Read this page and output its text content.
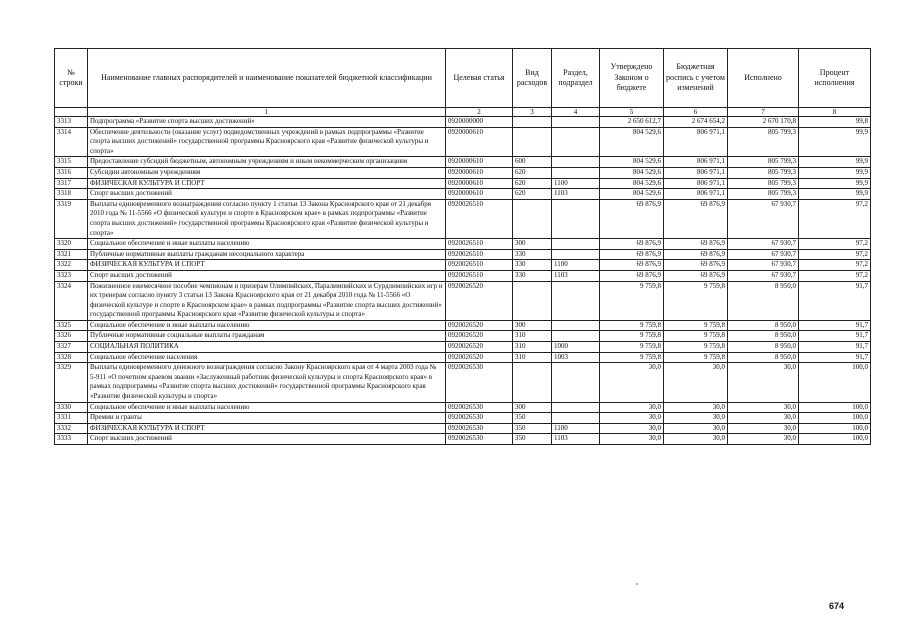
№
строки	Наименование главных распорядителей и наименование показателей бюджетной классификации	Целевая статья	Вид расходов	Раздел, подраздел	Утверждено Законом о бюджете	Бюджетная роспись с учетом изменений	Исполнено	Процент исполнения
	1	2	3	4	5	6	7	8
3313	Подпрограмма «Развитие спорта высших достижений»	0920000000			2 650 612,7	2 674 654,2	2 670 170,8	99,8
3314	Обеспечение деятельности (оказание услуг) подведомственных учреждений в рамках подпрограммы «Развитие спорта высших достижений» государственной программы Красноярского края «Развитие физической культуры и спорта»	0920000610			804 529,6	806 971,1	805 799,3	99,9
3315	Предоставление субсидий бюджетным, автономным учреждениям и иным некоммерческим организациям	0920000610	600		804 529,6	806 971,1	805 799,3	99,9
3316	Субсидии автономным учреждениям	0920000610	620		804 529,6	806 971,1	805 799,3	99,9
3317	ФИЗИЧЕСКАЯ КУЛЬТУРА И СПОРТ	0920000610	620	1100	804 529,6	806 971,1	805 799,3	99,9
3318	Спорт высших достижений	0920000610	620	1103	804 529,6	806 971,1	805 799,3	99,9
3319	Выплаты единовременного вознаграждения согласно пункту 1 статьи 13 Закона Красноярского края от 21 декабря 2010 года № 11-5566 «О физической культуре и спорте в Красноярском крае» в рамках подпрограммы «Развитие спорта высших достижений» государственной программы Красноярского края «Развитие физической культуры и спорта»	0920026510			69 876,9	69 876,9	67 930,7	97,2
3320	Социальное обеспечение и иные выплаты населению	0920026510	300		69 876,9	69 876,9	67 930,7	97,2
3321	Публичные нормативные выплаты гражданам несоциального характера	0920026510	330		69 876,9	69 876,9	67 930,7	97,2
3322	ФИЗИЧЕСКАЯ КУЛЬТУРА И СПОРТ	0920026510	330	1100	69 876,9	69 876,9	67 930,7	97,2
3323	Спорт высших достижений	0920026510	330	1103	69 876,9	69 876,9	67 930,7	97,2
3324	Пожизненное ежемесячное пособие чемпионам и призерам Олимпийских, Паралимпийских и Сурдлимпийских игр и их тренерам согласно пункту 3 статьи 13 Закона Красноярского края от 21 декабря 2010 года № 11-5566 «О физической культуре и спорте в Красноярском крае» в рамках подпрограммы «Развитие спорта высших достижений» государственной программы Красноярского края «Развитие физической культуры и спорта»	0920026520			9 759,8	9 759,8	8 950,0	91,7
3325	Социальное обеспечение и иные выплаты населению	0920026520	300		9 759,8	9 759,8	8 950,0	91,7
3326	Публичные нормативные социальные выплаты гражданам	0920026520	310		9 759,8	9 759,8	8 950,0	91,7
3327	СОЦИАЛЬНАЯ ПОЛИТИКА	0920026520	310	1000	9 759,8	9 759,8	8 950,0	91,7
3328	Социальное обеспечение населения	0920026520	310	1003	9 759,8	9 759,8	8 950,0	91,7
3329	Выплаты единовременного денежного вознаграждения согласно Закону Красноярского края от 4 марта 2003 года № 5-911 «О почетном краевом звании «Заслуженный работник физической культуры и спорта Красноярского края» в рамках подпрограммы «Развитие спорта высших достижений» государственной программы Красноярского края «Развитие физической культуры и спорта»	0920026530			30,0	30,0	30,0	100,0
3330	Социальное обеспечение и иные выплаты населению	0920026530	300		30,0	30,0	30,0	100,0
3331	Премии и гранты	0920026530	350		30,0	30,0	30,0	100,0
3332	ФИЗИЧЕСКАЯ КУЛЬТУРА И СПОРТ	0920026530	350	1100	30,0	30,0	30,0	100,0
3333	Спорт высших достижений	0920026530	350	1103	30,0	30,0	30,0	100,0
674
